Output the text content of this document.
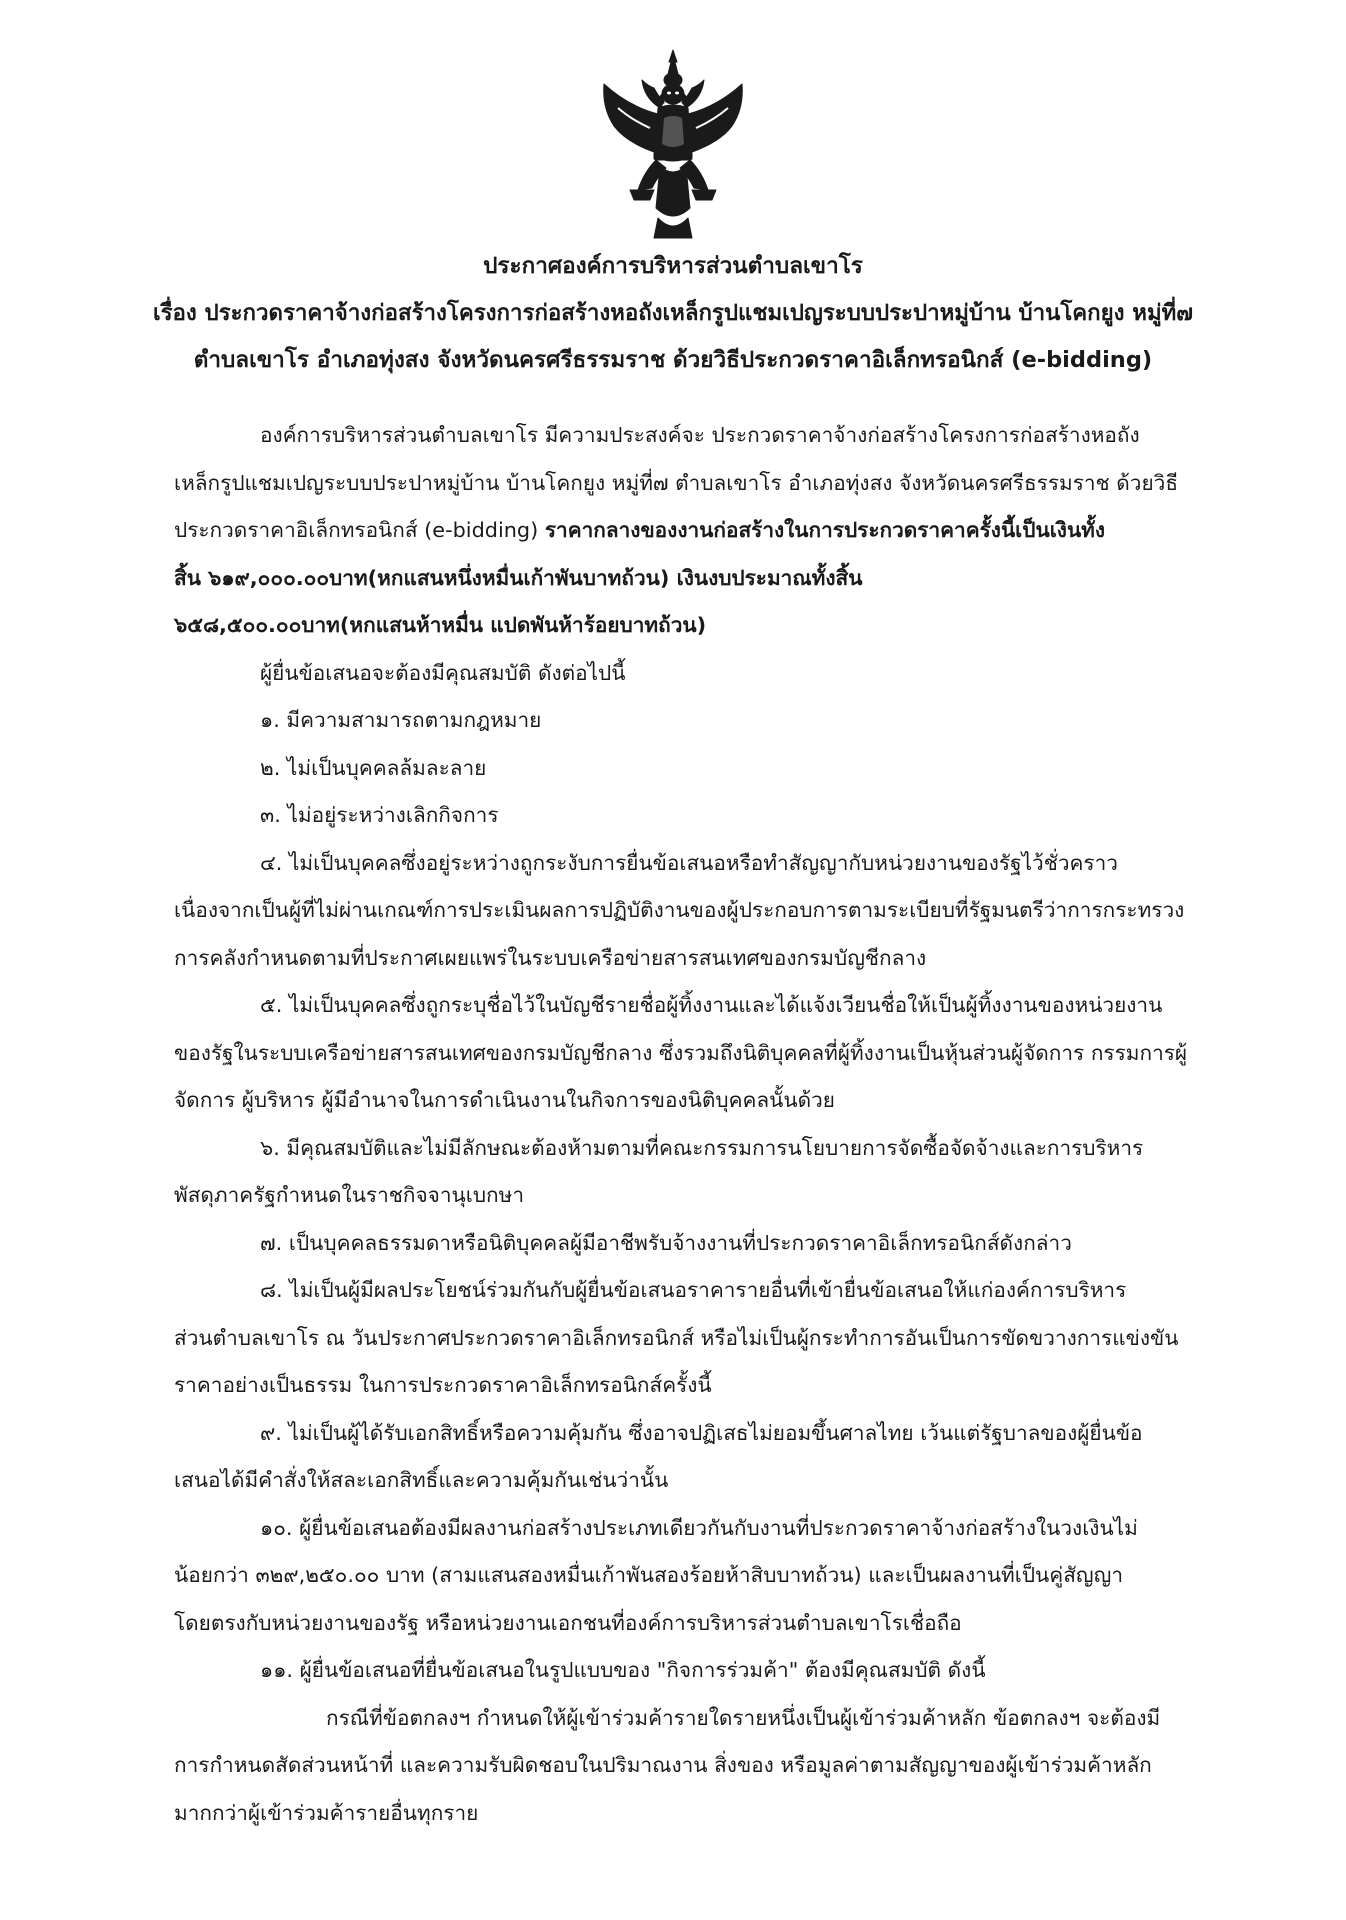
ประกาศองค์การบริหารส่วนตำบลเขาโร
เรื่อง ประกวดราคาจ้างก่อสร้างโครงการก่อสร้างหอถังเหล็กรูปแชมเปญระบบประปาหมู่บ้าน บ้านโคกยูง หมู่ที่๗
ตำบลเขาโร อำเภอทุ่งสง จังหวัดนครศรีธรรมราช ด้วยวิธีประกวดราคาอิเล็กทรอนิกส์ (e-bidding)
องค์การบริหารส่วนตำบลเขาโร มีความประสงค์จะ ประกวดราคาจ้างก่อสร้างโครงการก่อสร้างหอถัง
เหล็กรูปแชมเปญระบบประปาหมู่บ้าน บ้านโคกยูง หมู่ที่๗ ตำบลเขาโร อำเภอทุ่งสง จังหวัดนครศรีธรรมราช ด้วยวิธี
ประกวดราคาอิเล็กทรอนิกส์ (e-bidding) ราคากลางของงานก่อสร้างในการประกวดราคาครั้งนี้เป็นเงินทั้ง
สิ้น ๖๑๙,๐๐๐.๐๐บาท(หกแสนหนึ่งหมื่นเก้าพันบาทถ้วน) เงินงบประมาณทั้งสิ้น
๖๕๘,๕๐๐.๐๐บาท(หกแสนห้าหมื่น แปดพันห้าร้อยบาทถ้วน)
ผู้ยื่นข้อเสนอจะต้องมีคุณสมบัติ ดังต่อไปนี้
๑. มีความสามารถตามกฎหมาย
๒. ไม่เป็นบุคคลล้มละลาย
๓. ไม่อยู่ระหว่างเลิกกิจการ
๔. ไม่เป็นบุคคลซึ่งอยู่ระหว่างถูกระงับการยื่นข้อเสนอหรือทำสัญญากับหน่วยงานของรัฐไว้ชั่วคราว
เนื่องจากเป็นผู้ที่ไม่ผ่านเกณฑ์การประเมินผลการปฏิบัติงานของผู้ประกอบการตามระเบียบที่รัฐมนตรีว่าการกระทรวง
การคลังกำหนดตามที่ประกาศเผยแพร่ในระบบเครือข่ายสารสนเทศของกรมบัญชีกลาง
๕. ไม่เป็นบุคคลซึ่งถูกระบุชื่อไว้ในบัญชีรายชื่อผู้ทิ้งงานและได้แจ้งเวียนชื่อให้เป็นผู้ทิ้งงานของหน่วยงาน
ของรัฐในระบบเครือข่ายสารสนเทศของกรมบัญชีกลาง ซึ่งรวมถึงนิติบุคคลที่ผู้ทิ้งงานเป็นหุ้นส่วนผู้จัดการ กรรมการผู้
จัดการ ผู้บริหาร ผู้มีอำนาจในการดำเนินงานในกิจการของนิติบุคคลนั้นด้วย
๖. มีคุณสมบัติและไม่มีลักษณะต้องห้ามตามที่คณะกรรมการนโยบายการจัดซื้อจัดจ้างและการบริหาร
พัสดุภาครัฐกำหนดในราชกิจจานุเบกษา
๗. เป็นบุคคลธรรมดาหรือนิติบุคคลผู้มีอาชีพรับจ้างงานที่ประกวดราคาอิเล็กทรอนิกส์ดังกล่าว
๘. ไม่เป็นผู้มีผลประโยชน์ร่วมกันกับผู้ยื่นข้อเสนอราคารายอื่นที่เข้ายื่นข้อเสนอให้แก่องค์การบริหาร
ส่วนตำบลเขาโร ณ วันประกาศประกวดราคาอิเล็กทรอนิกส์ หรือไม่เป็นผู้กระทำการอันเป็นการขัดขวางการแข่งขัน
ราคาอย่างเป็นธรรม ในการประกวดราคาอิเล็กทรอนิกส์ครั้งนี้
๙. ไม่เป็นผู้ได้รับเอกสิทธิ์หรือความคุ้มกัน ซึ่งอาจปฏิเสธไม่ยอมขึ้นศาลไทย เว้นแต่รัฐบาลของผู้ยื่นข้อ
เสนอได้มีคำสั่งให้สละเอกสิทธิ์และความคุ้มกันเช่นว่านั้น
๑๐. ผู้ยื่นข้อเสนอต้องมีผลงานก่อสร้างประเภทเดียวกันกับงานที่ประกวดราคาจ้างก่อสร้างในวงเงินไม่
น้อยกว่า ๓๒๙,๒๕๐.๐๐ บาท (สามแสนสองหมื่นเก้าพันสองร้อยห้าสิบบาทถ้วน) และเป็นผลงานที่เป็นคู่สัญญา
โดยตรงกับหน่วยงานของรัฐ หรือหน่วยงานเอกชนที่องค์การบริหารส่วนตำบลเขาโรเชื่อถือ
๑๑. ผู้ยื่นข้อเสนอที่ยื่นข้อเสนอในรูปแบบของ "กิจการร่วมค้า" ต้องมีคุณสมบัติ ดังนี้
กรณีที่ข้อตกลงฯ กำหนดให้ผู้เข้าร่วมค้ารายใดรายหนึ่งเป็นผู้เข้าร่วมค้าหลัก ข้อตกลงฯ จะต้องมี
การกำหนดสัดส่วนหน้าที่ และความรับผิดชอบในปริมาณงาน สิ่งของ หรือมูลค่าตามสัญญาของผู้เข้าร่วมค้าหลัก
มากกว่าผู้เข้าร่วมค้ารายอื่นทุกราย
